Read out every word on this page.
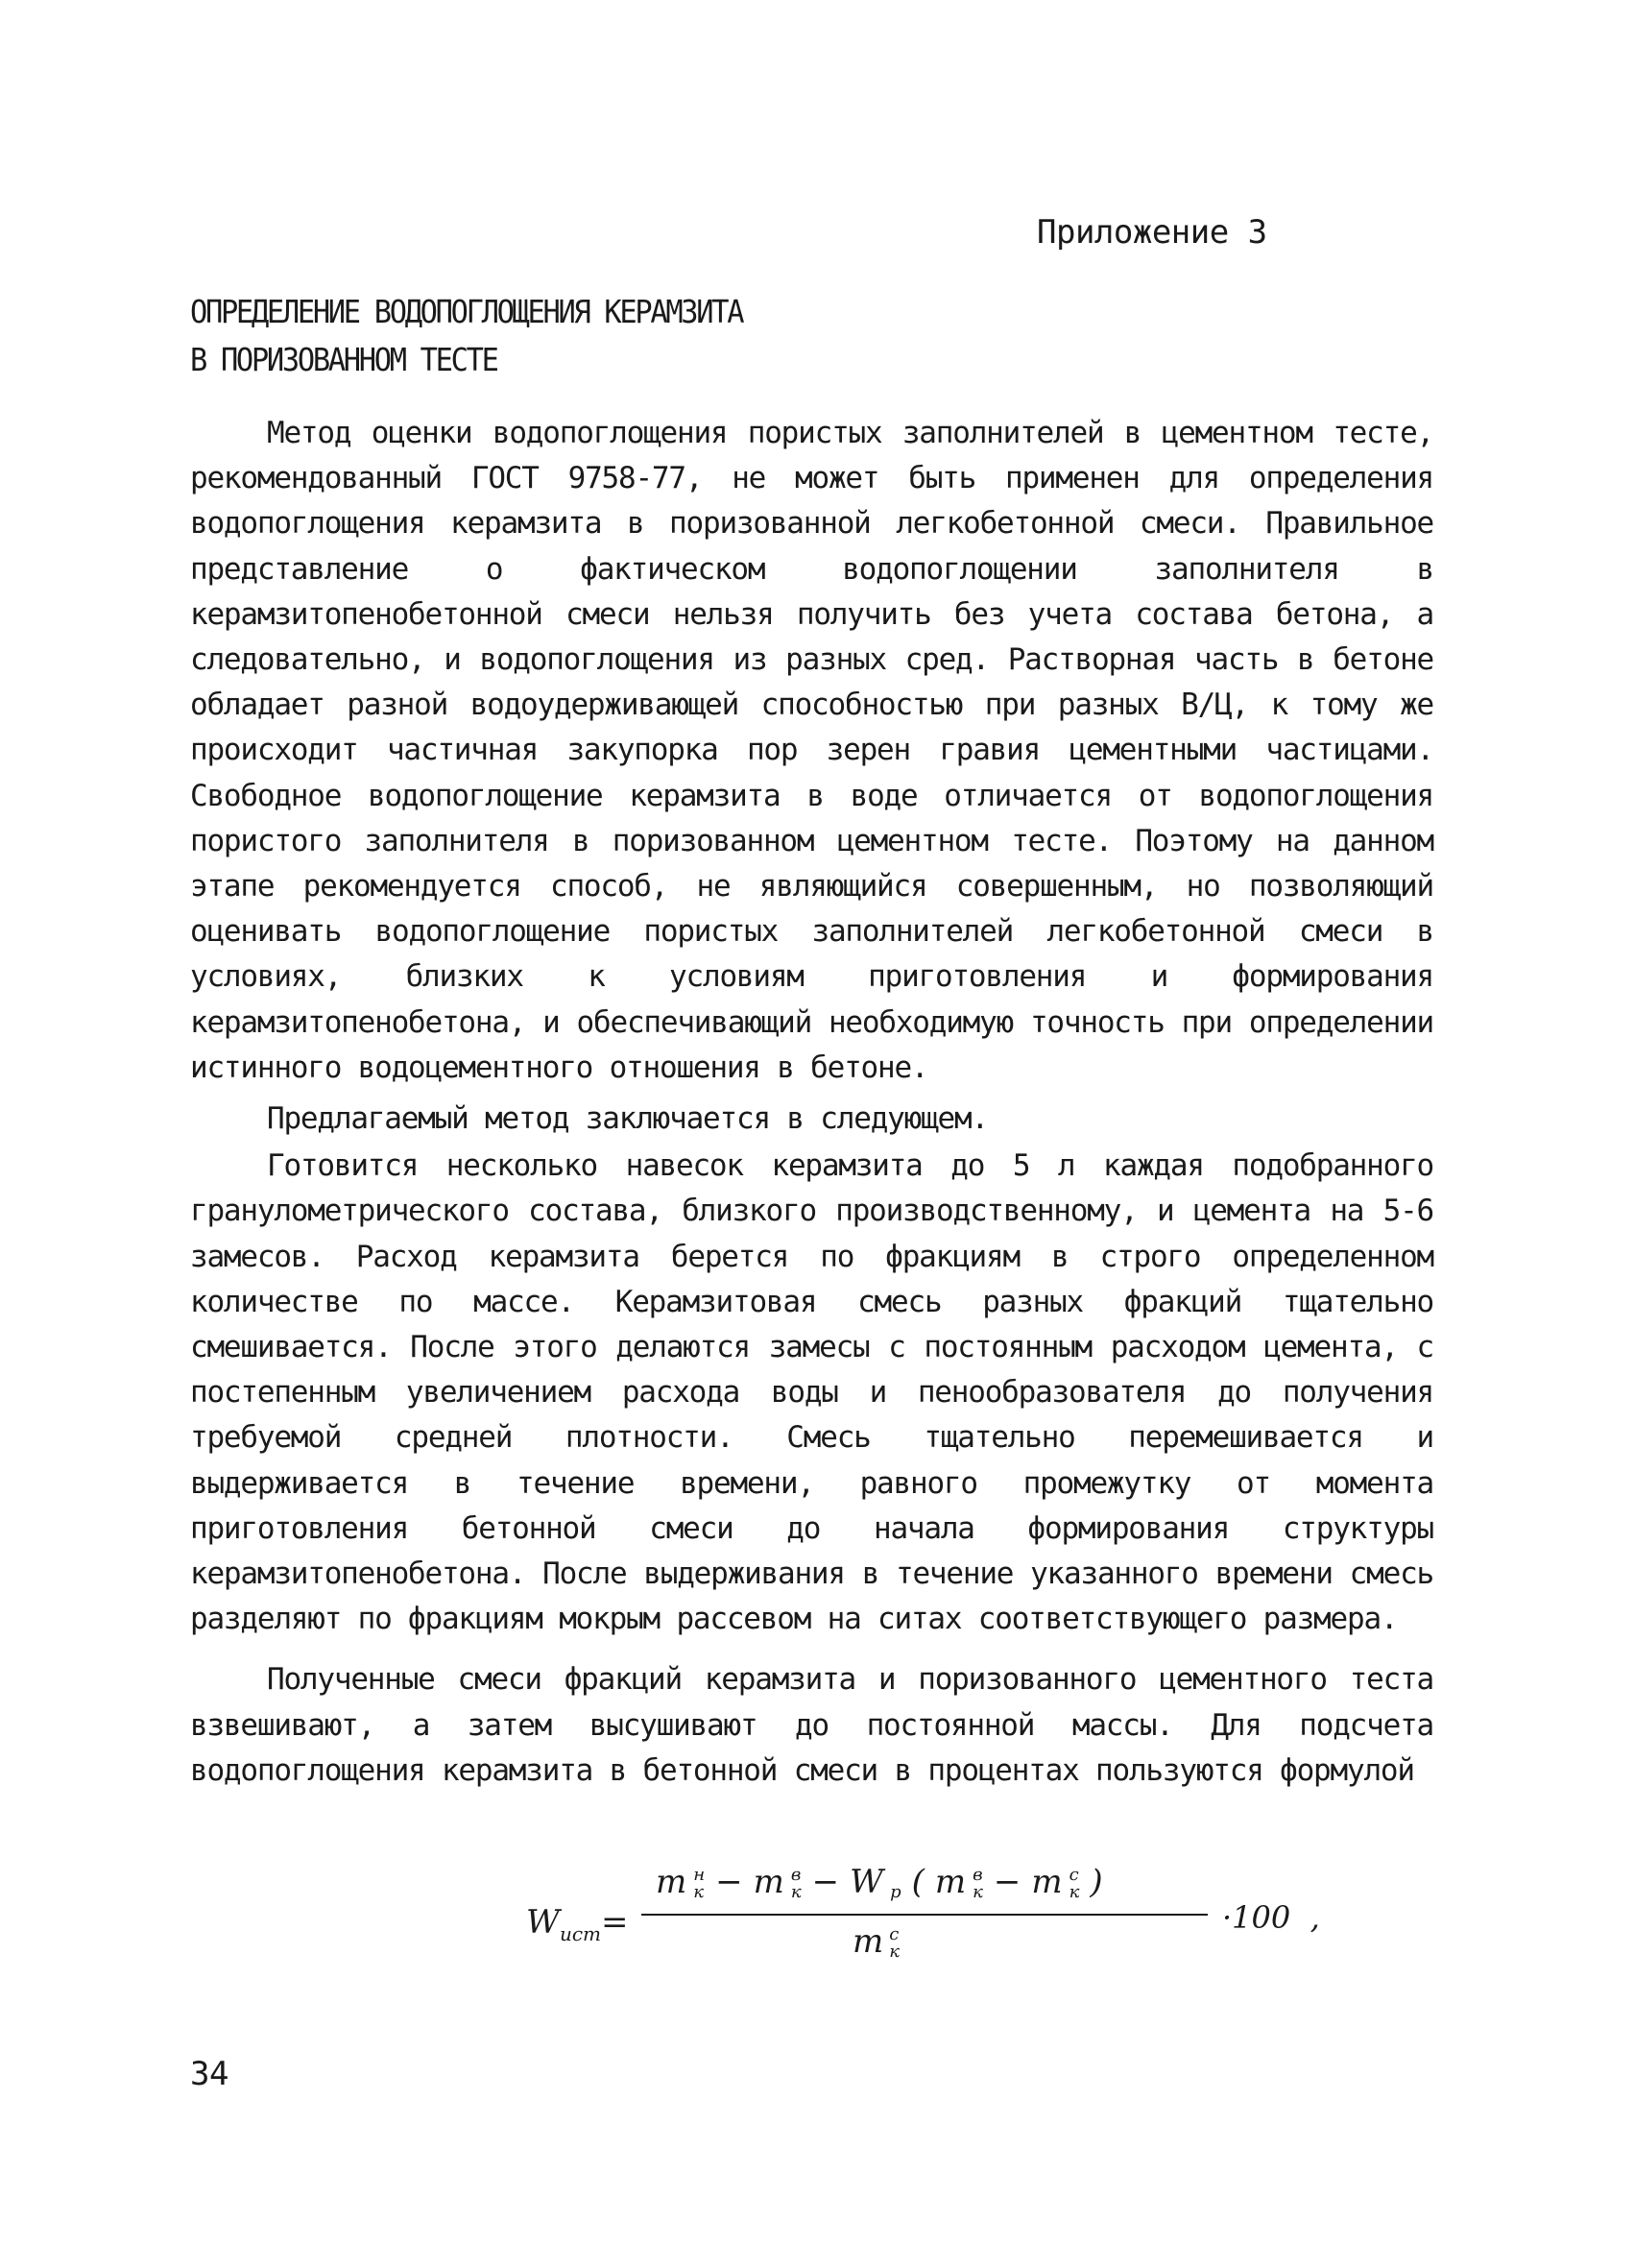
Приложение 3
ОПРЕДЕЛЕНИЕ ВОДОПОГЛОЩЕНИЯ КЕРАМЗИТА
В ПОРИЗОВАННОМ ТЕСТЕ

Метод оценки водопоглощения пористых заполнителей в цементном тесте, рекомендованный ГОСТ 9758-77, не может быть применен для определения водопоглощения керамзита в поризованной легкобетонной смеси. Правильное представление о фактическом водопоглощении заполнителя в керамзитопенобетонной смеси нельзя получить без учета состава бетона, а следовательно, и водопоглощения из разных сред. Растворная часть в бетоне обладает разной водоудерживающей способностью при разных В/Ц, к тому же происходит частичная закупорка пор зерен гравия цементными частицами. Свободное водопоглощение керамзита в воде отличается от водопоглощения пористого заполнителя в поризованном цементном тесте. Поэтому на данном этапе рекомендуется способ, не являющийся совершенным, но позволяющий оценивать водопоглощение пористых заполнителей легкобетонной смеси в условиях, близких к условиям приготовления и формирования керамзитопенобетона, и обеспечивающий необходимую точность при определении истинного водоцементного отношения в бетоне.

Предлагаемый метод заключается в следующем.

Готовится несколько навесок керамзита до 5 л каждая подобранного гранулометрического состава, близкого производственному, и цемента на 5-6 замесов. Расход керамзита берется по фракциям в строго определенном количестве по массе. Керамзитовая смесь разных фракций тщательно смешивается. После этого делаются замесы с постоянным расходом цемента, с постепенным увеличением расхода воды и пенообразователя до получения требуемой средней плотности. Смесь тщательно перемешивается и выдерживается в течение времени, равного промежутку от момента приготовления бетонной смеси до начала формирования структуры керамзитопенобетона. После выдерживания в течение указанного времени смесь разделяют по фракциям мокрым рассевом на ситах соответствующего размера.

Полученные смеси фракций керамзита и поризованного цементного теста взвешивают, а затем высушивают до постоянной массы. Для подсчета водопоглощения керамзита в бетонной смеси в процентах пользуются формулой

$W_{ист}=$
m н
к − m в
к − W
р ( m в
к − m с
к )
m с
к
·100 ,
34
